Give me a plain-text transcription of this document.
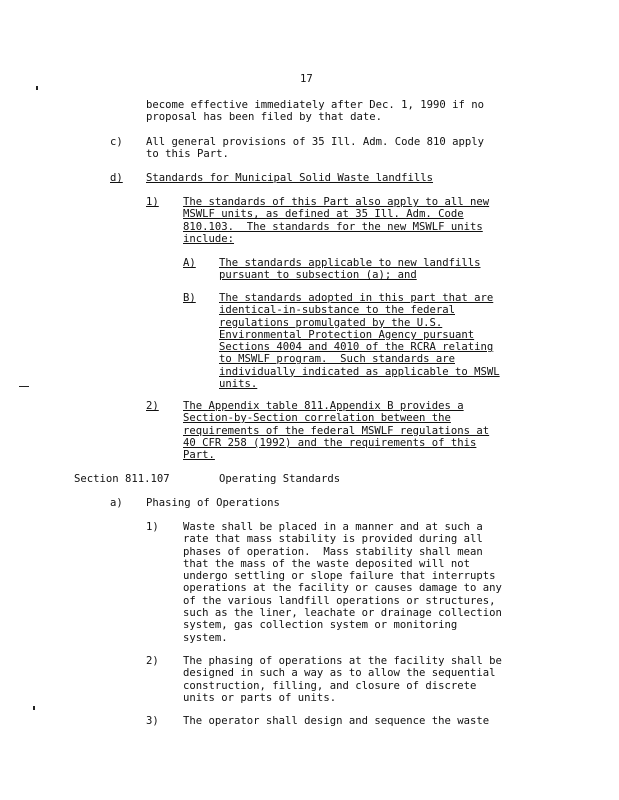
17
become effective immediately after Dec. 1, 1990 if no
proposal has been filed by that date.
c) All general provisions of 35 Ill. Adm. Code 810 apply
to this Part.
d) Standards for Municipal Solid Waste landfills
1) The standards of this Part also apply to all new
MSWLF units, as defined at 35 Ill. Adm. Code
810.103.  The standards for the new MSWLF units
include:
A) The standards applicable to new landfills
pursuant to subsection (a); and
B) The standards adopted in this part that are
identical-in-substance to the federal
regulations promulgated by the U.S.
Environmental Protection Agency pursuant
Sections 4004 and 4010 of the RCRA relating
to MSWLF program.  Such standards are
individually indicated as applicable to MSWL
units.
2) The Appendix table 811.Appendix B provides a
Section-by-Section correlation between the
requirements of the federal MSWLF regulations at
40 CFR 258 (1992) and the requirements of this
Part.
Section 811.107	Operating Standards
a) Phasing of Operations
1) Waste shall be placed in a manner and at such a
rate that mass stability is provided during all
phases of operation.  Mass stability shall mean
that the mass of the waste deposited will not
undergo settling or slope failure that interrupts
operations at the facility or causes damage to any
of the various landfill operations or structures,
such as the liner, leachate or drainage collection
system, gas collection system or monitoring
system.
2) The phasing of operations at the facility shall be
designed in such a way as to allow the sequential
construction, filling, and closure of discrete
units or parts of units.
3) The operator shall design and sequence the waste
